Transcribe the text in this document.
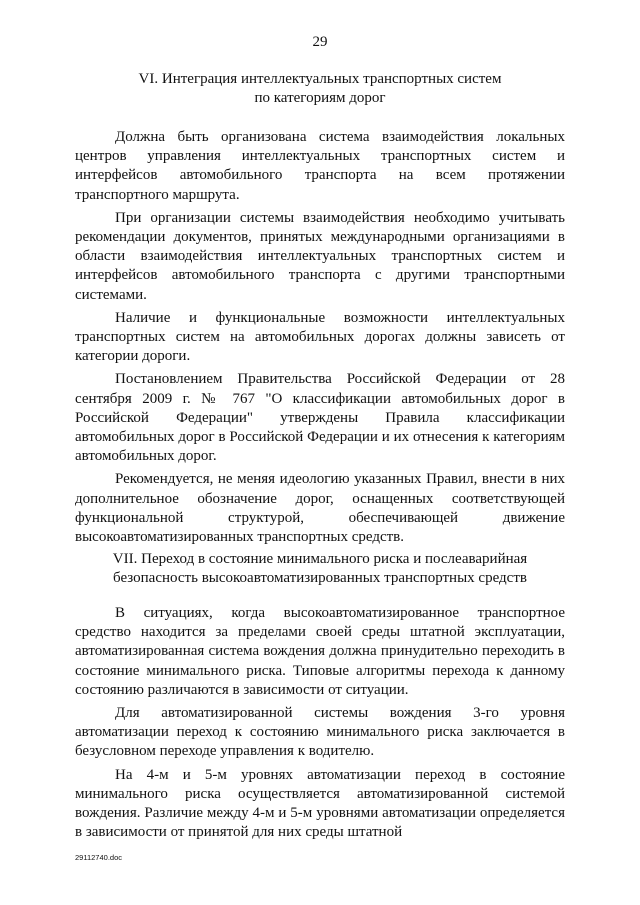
29
VI. Интеграция интеллектуальных транспортных систем
по категориям дорог

Должна быть организована система взаимодействия локальных центров управления интеллектуальных транспортных систем и интерфейсов автомобильного транспорта на всем протяжении транспортного маршрута.

При организации системы взаимодействия необходимо учитывать рекомендации документов, принятых международными организациями в области взаимодействия интеллектуальных транспортных систем и интерфейсов автомобильного транспорта с другими транспортными системами.

Наличие и функциональные возможности интеллектуальных транспортных систем на автомобильных дорогах должны зависеть от категории дороги.

Постановлением Правительства Российской Федерации от 28 сентября 2009 г. № 767 "О классификации автомобильных дорог в Российской Федерации" утверждены Правила классификации автомобильных дорог в Российской Федерации и их отнесения к категориям автомобильных дорог.

Рекомендуется, не меняя идеологию указанных Правил, внести в них дополнительное обозначение дорог, оснащенных соответствующей функциональной структурой, обеспечивающей движение высокоавтоматизированных транспортных средств.

VII. Переход в состояние минимального риска и послеаварийная
безопасность высокоавтоматизированных транспортных средств

В ситуациях, когда высокоавтоматизированное транспортное средство находится за пределами своей среды штатной эксплуатации, автоматизированная система вождения должна принудительно переходить в состояние минимального риска. Типовые алгоритмы перехода к данному состоянию различаются в зависимости от ситуации.

Для автоматизированной системы вождения 3-го уровня автоматизации переход к состоянию минимального риска заключается в безусловном переходе управления к водителю.

На 4-м и 5-м уровнях автоматизации переход в состояние минимального риска осуществляется автоматизированной системой вождения. Различие между 4-м и 5-м уровнями автоматизации определяется в зависимости от принятой для них среды штатной

29112740.doc
